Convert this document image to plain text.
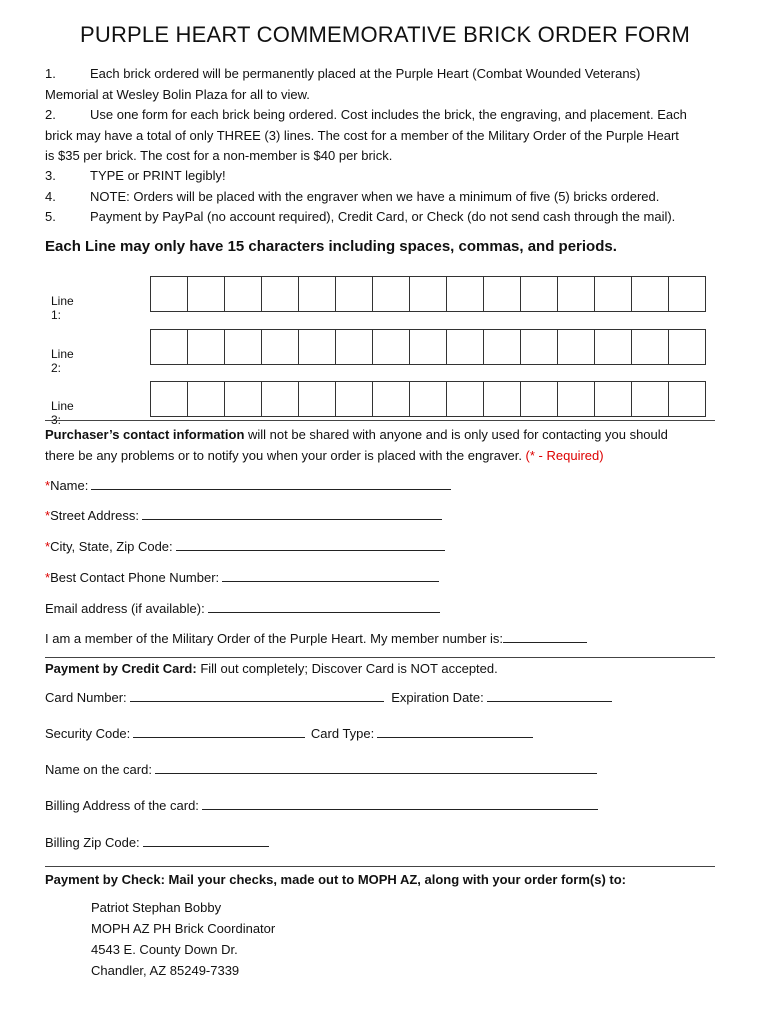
PURPLE HEART COMMEMORATIVE BRICK ORDER FORM
1.	Each brick ordered will be permanently placed at the Purple Heart (Combat Wounded Veterans)
Memorial at Wesley Bolin Plaza for all to view.
2.	Use one form for each brick being ordered. Cost includes the brick, the engraving, and placement. Each
brick may have a total of only THREE (3) lines. The cost for a member of the Military Order of the Purple Heart
is $35 per brick. The cost for a non-member is $40 per brick.
3.	TYPE or PRINT legibly!
4.	NOTE: Orders will be placed with the engraver when we have a minimum of five (5) bricks ordered.
5.	Payment by PayPal (no account required), Credit Card, or Check (do not send cash through the mail).
Each Line may only have 15 characters including spaces, commas, and periods.
Line 1:
Line 2:
Line 3:
Purchaser’s contact information will not be shared with anyone and is only used for contacting you should
there be any problems or to notify you when your order is placed with the engraver. (* - Required)
*Name:
*Street Address:
*City, State, Zip Code:
*Best Contact Phone Number:
Email address (if available):
I am a member of the Military Order of the Purple Heart. My member number is:
Payment by Credit Card: Fill out completely; Discover Card is NOT accepted.
Card Number:	Expiration Date:
Security Code:	Card Type:
Name on the card:
Billing Address of the card:
Billing Zip Code:
Payment by Check: Mail your checks, made out to MOPH AZ, along with your order form(s) to:
Patriot Stephan Bobby
MOPH AZ PH Brick Coordinator
4543 E. County Down Dr.
Chandler, AZ 85249-7339
